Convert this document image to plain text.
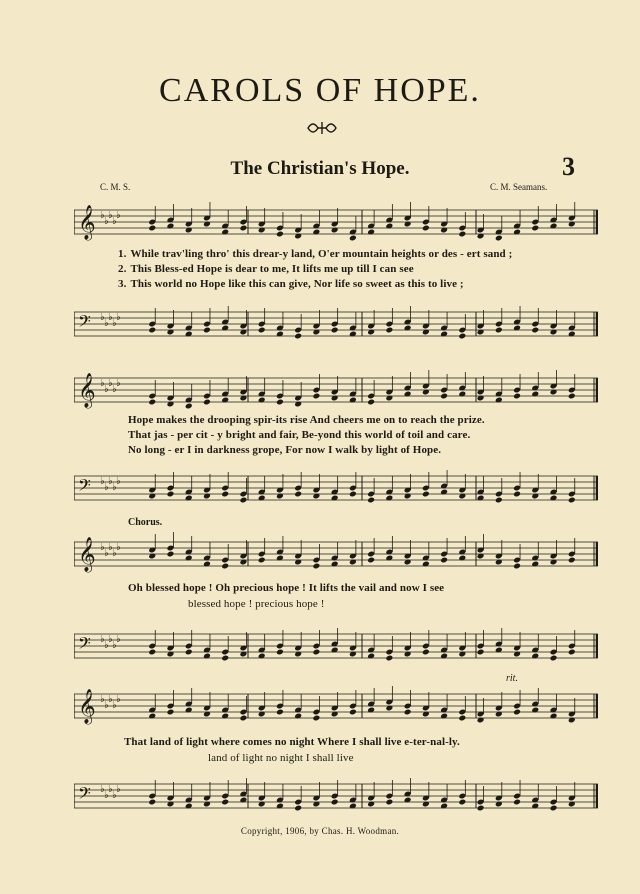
CAROLS OF HOPE.
The Christian's Hope.	3
C. M. S.	C. M. Seamans.
𝄞 ♭
♭
♭
♭
♭
1. While trav'ling thro' this drear-y land, O'er mountain heights or des - ert sand ;
2. This Bless-ed Hope is dear to me, It lifts me up till I can see
3. This world no Hope like this can give, Nor life so sweet as this to live ;
𝄢 ♭
♭
♭
♭
♭
𝄞 ♭
♭
♭
♭
♭
Hope makes the drooping spir-its rise And cheers me on to reach the prize.
That jas - per cit - y bright and fair, Be-yond this world of toil and care.
No long - er I in darkness grope, For now I walk by light of Hope.
𝄢 ♭
♭
♭
♭
♭
Chorus.
𝄞 ♭
♭
♭
♭
♭
Oh blessed hope ! Oh precious hope ! It lifts the vail and now I see
blessed hope ! precious hope !
𝄢 ♭
♭
♭
♭
♭
rit.
𝄞 ♭
♭
♭
♭
♭
That land of light where comes no night Where I shall live e-ter-nal-ly.
land of light no night I shall live
𝄢 ♭
♭
♭
♭
♭
Copyright, 1906, by Chas. H. Woodman.
